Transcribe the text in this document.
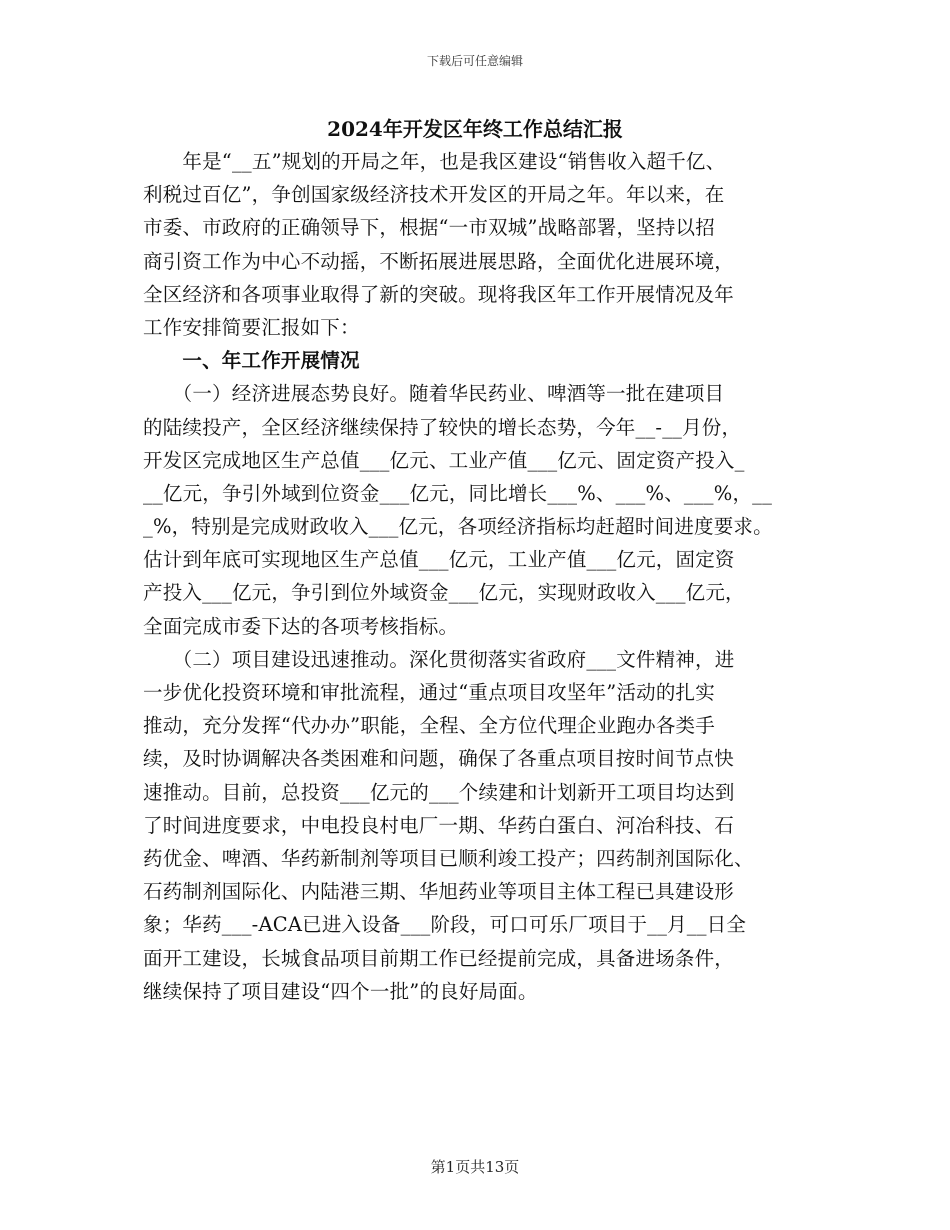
下载后可任意编辑
2024年开发区年终工作总结汇报
　　年是“__五”规划的开局之年，也是我区建设“销售收入超千亿、
利税过百亿”，争创国家级经济技术开发区的开局之年。年以来，在
市委、市政府的正确领导下，根据“一市双城”战略部署，坚持以招
商引资工作为中心不动摇，不断拓展进展思路，全面优化进展环境，
全区经济和各项事业取得了新的突破。现将我区年工作开展情况及年
工作安排简要汇报如下：
　　一、年工作开展情况
　　（一）经济进展态势良好。随着华民药业、啤酒等一批在建项目
的陆续投产，全区经济继续保持了较快的增长态势，今年__-__月份，
开发区完成地区生产总值___亿元、工业产值___亿元、固定资产投入_
__亿元，争引外域到位资金___亿元，同比增长___%、___%、___%，__
_%，特别是完成财政收入___亿元，各项经济指标均赶超时间进度要求。
估计到年底可实现地区生产总值___亿元，工业产值___亿元，固定资
产投入___亿元，争引到位外域资金___亿元，实现财政收入___亿元，
全面完成市委下达的各项考核指标。
　　（二）项目建设迅速推动。深化贯彻落实省政府___文件精神，进
一步优化投资环境和审批流程，通过“重点项目攻坚年”活动的扎实
推动，充分发挥“代办办”职能，全程、全方位代理企业跑办各类手
续，及时协调解决各类困难和问题，确保了各重点项目按时间节点快
速推动。目前，总投资___亿元的___个续建和计划新开工项目均达到
了时间进度要求，中电投良村电厂一期、华药白蛋白、河冶科技、石
药优金、啤酒、华药新制剂等项目已顺利竣工投产；四药制剂国际化、
石药制剂国际化、内陆港三期、华旭药业等项目主体工程已具建设形
象；华药___-ACA已进入设备___阶段，可口可乐厂项目于__月__日全
面开工建设，长城食品项目前期工作已经提前完成，具备进场条件，
继续保持了项目建设“四个一批”的良好局面。
第1页共13页
